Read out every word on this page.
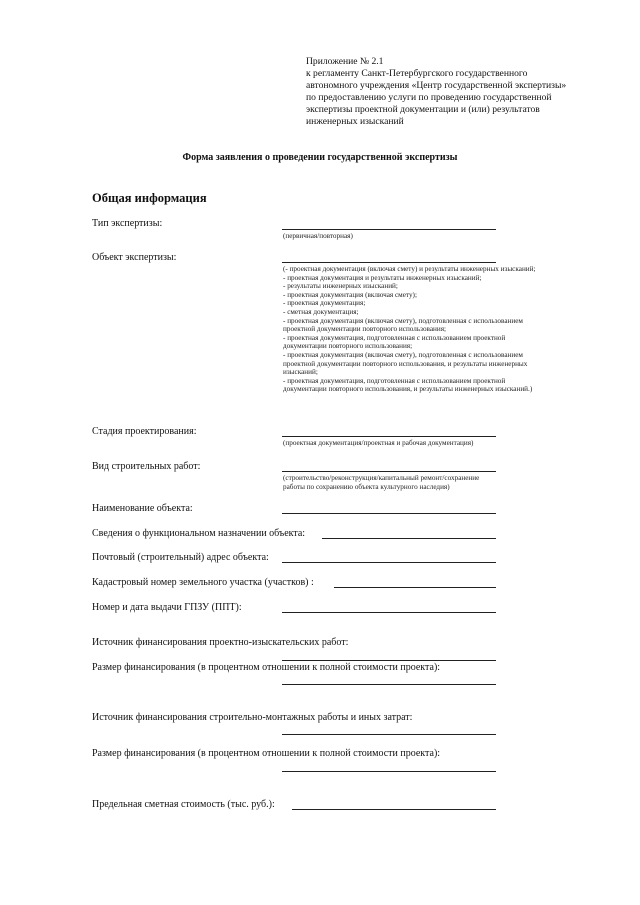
Приложение № 2.1
к регламенту Санкт-Петербургского государственного
автономного учреждения «Центр государственной экспертизы»
по предоставлению услуги по проведению государственной
экспертизы проектной документации и (или) результатов
инженерных изысканий
Форма заявления о проведении государственной экспертизы
Общая информация
Тип экспертизы:
(первичная/повторная)
Объект экспертизы:
(- проектная документация (включая смету) и результаты инженерных изысканий;
- проектная документация и результаты инженерных изысканий;
- результаты инженерных изысканий;
- проектная документация (включая смету);
- проектная документация;
- сметная документация;
- проектная документация (включая смету), подготовленная с использованием
проектной документации повторного использования;
- проектная документация, подготовленная с использованием проектной
документации повторного использования;
- проектная документация (включая смету), подготовленная с использованием
проектной документации повторного использования, и результаты инженерных
изысканий;
- проектная документация, подготовленная с использованием проектной
документации повторного использования, и результаты инженерных изысканий.)
Стадия проектирования:
(проектная документация/проектная и рабочая документация)
Вид строительных работ:
(строительство/реконструкция/капитальный ремонт/сохранение
работы по сохранению объекта культурного наследия)
Наименование объекта:
Сведения о функциональном назначении объекта:
Почтовый (строительный) адрес объекта:
Кадастровый номер земельного участка (участков) :
Номер и дата выдачи ГПЗУ (ППТ):
Источник финансирования проектно-изыскательских работ:
Размер финансирования (в процентном отношении к полной стоимости проекта):
Источник финансирования строительно-монтажных работы и иных затрат:
Размер финансирования (в процентном отношении к полной стоимости проекта):
Предельная сметная стоимость (тыс. руб.):
